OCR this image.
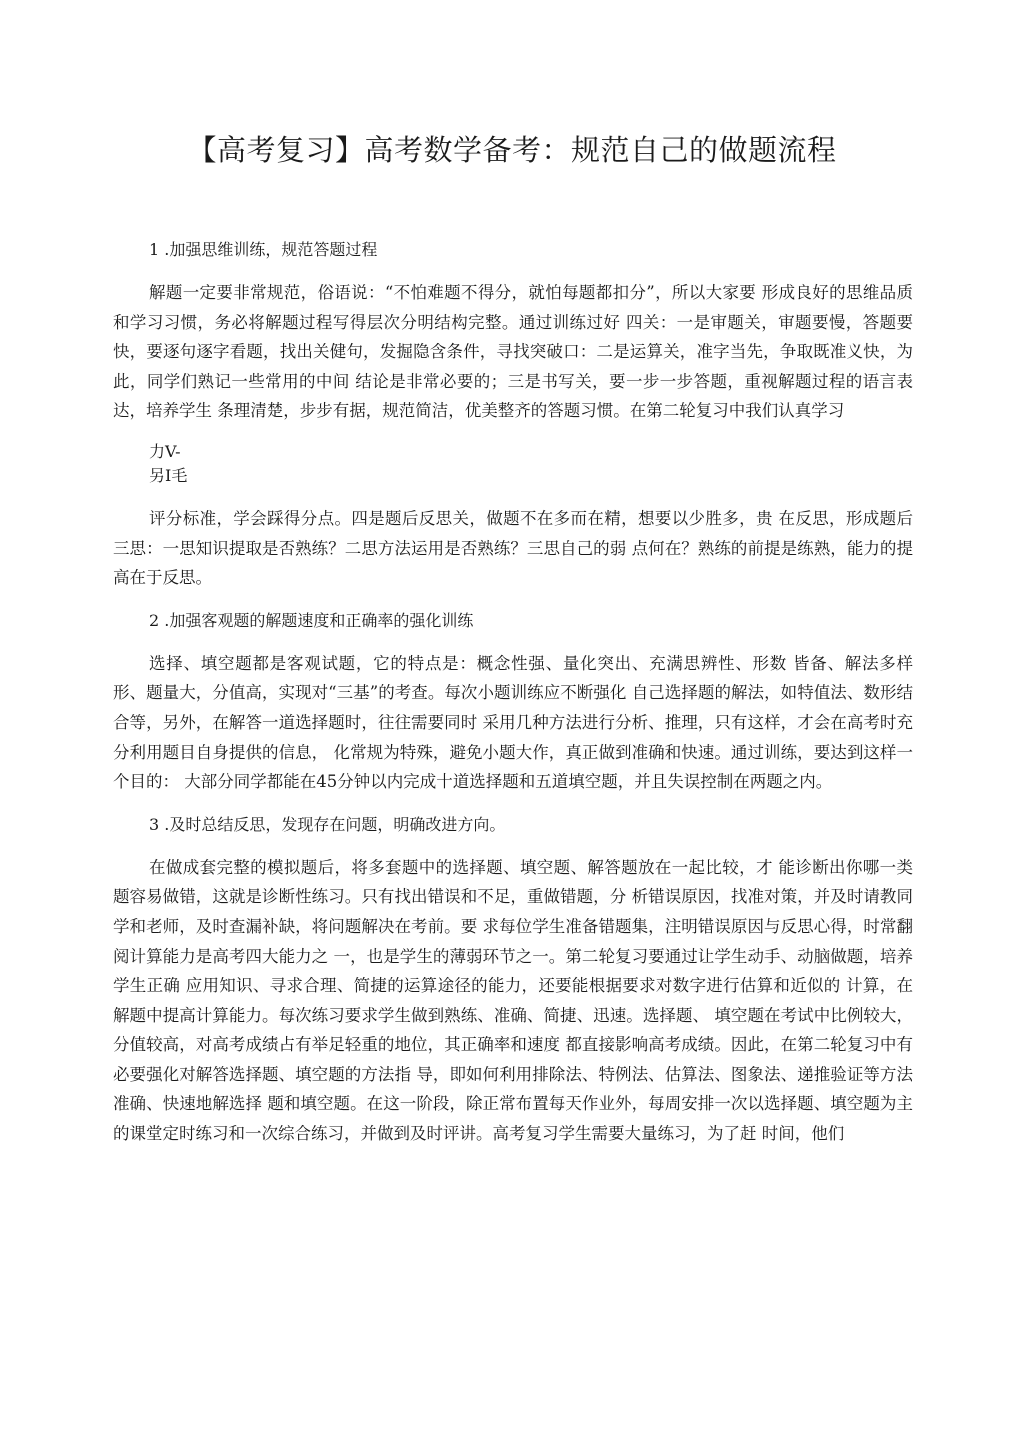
【高考复习】高考数学备考：规范自己的做题流程

1 .加强思维训练，规范答题过程

解题一定要非常规范，俗语说：“不怕难题不得分，就怕每题都扣分”，所以大家要 形成良好的思维品质和学习习惯，务必将解题过程写得层次分明结构完整。通过训练过好 四关：一是审题关，审题要慢，答题要快，要逐句逐字看题，找出关健句，发掘隐含条件，寻找突破口：二是运算关，准字当先，争取既准义快，为此，同学们熟记一些常用的中间 结论是非常必要的；三是书写关，要一步一步答题，重视解题过程的语言表达，培养学生 条理清楚，步步有据，规范简洁，优美整齐的答题习惯。在第二轮复习中我们认真学习

力V-
另I毛

评分标准，学会踩得分点。四是题后反思关，做题不在多而在精，想要以少胜多，贵 在反思，形成题后三思：一思知识提取是否熟练？二思方法运用是否熟练？三思自己的弱 点何在？熟练的前提是练熟，能力的提高在于反思。

2 .加强客观题的解题速度和正确率的强化训练

选择、填空题都是客观试题，它的特点是：概念性强、量化突出、充满思辨性、形数 皆备、解法多样形、题量大，分值高，实现对“三基”的考查。每次小题训练应不断强化 自己选择题的解法，如特值法、数形结合等，另外，在解答一道选择题时，往往需要同时 采用几种方法进行分析、推理，只有这样，才会在高考时充分利用题目自身提供的信息， 化常规为特殊，避免小题大作，真正做到准确和快速。通过训练，要达到这样一个目的： 大部分同学都能在45分钟以内完成十道选择题和五道填空题，并且失误控制在两题之内。

3 .及时总结反思，发现存在问题，明确改进方向。

在做成套完整的模拟题后，将多套题中的选择题、填空题、解答题放在一起比较，才 能诊断出你哪一类题容易做错，这就是诊断性练习。只有找出错误和不足，重做错题，分 析错误原因，找准对策，并及时请教同学和老师，及时查漏补缺，将问题解决在考前。要 求每位学生准备错题集，注明错误原因与反思心得，时常翻阅计算能力是高考四大能力之 一，也是学生的薄弱环节之一。第二轮复习要通过让学生动手、动脑做题，培养学生正确 应用知识、寻求合理、简捷的运算途径的能力，还要能根据要求对数字进行估算和近似的 计算，在解题中提高计算能力。每次练习要求学生做到熟练、准确、简捷、迅速。选择题、 填空题在考试中比例较大，分值较高，对高考成绩占有举足轻重的地位，其正确率和速度 都直接影响高考成绩。因此，在第二轮复习中有必要强化对解答选择题、填空题的方法指 导，即如何利用排除法、特例法、估算法、图象法、递推验证等方法准确、快速地解选择 题和填空题。在这一阶段，除正常布置每天作业外，每周安排一次以选择题、填空题为主 的课堂定时练习和一次综合练习，并做到及时评讲。高考复习学生需要大量练习，为了赶 时间，他们
